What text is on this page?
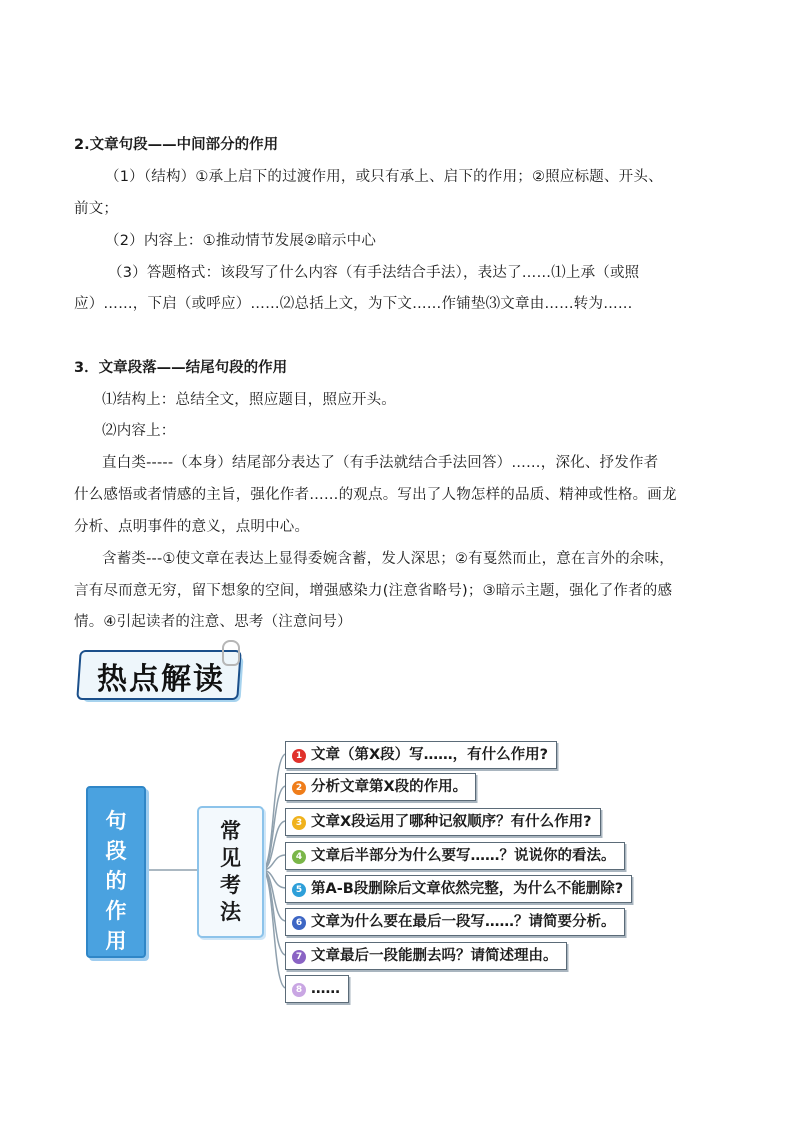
2.文章句段——中间部分的作用
（1）（结构）①承上启下的过渡作用，或只有承上、启下的作用；②照应标题、开头、
前文；
（2）内容上：①推动情节发展②暗示中心
（3）答题格式：该段写了什么内容（有手法结合手法），表达了……⑴上承（或照
应）……，下启（或呼应）……⑵总括上文，为下文……作铺垫⑶文章由……转为……
3．文章段落——结尾句段的作用
⑴结构上：总结全文，照应题目，照应开头。
⑵内容上：
直白类-----（本身）结尾部分表达了（有手法就结合手法回答）……，深化、抒发作者
什么感悟或者情感的主旨，强化作者……的观点。写出了人物怎样的品质、精神或性格。画龙
分析、点明事件的意义，点明中心。
含蓄类---①使文章在表达上显得委婉含蓄，发人深思；②有戛然而止，意在言外的余味，
言有尽而意无穷，留下想象的空间，增强感染力(注意省略号)；③暗示主题，强化了作者的感
情。④引起读者的注意、思考（注意问号）
热点解读
句
段
的
作
用
常
见
考
法
1 文章（第X段）写……，有什么作用?
2 分析文章第X段的作用。
3 文章X段运用了哪种记叙顺序？有什么作用?
4 文章后半部分为什么要写……？说说你的看法。
5 第A-B段删除后文章依然完整，为什么不能删除?
6 文章为什么要在最后一段写……？请简要分析。
7 文章最后一段能删去吗？请简述理由。
8 ……
